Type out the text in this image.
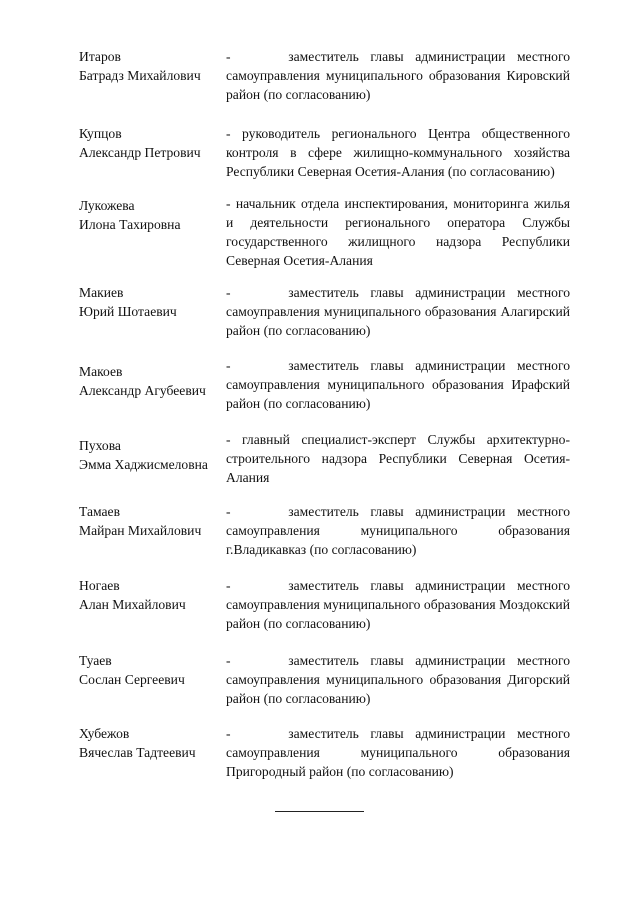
Итаров
Батрадз Михайлович
-     заместитель главы администрации местного самоуправления муниципального образования Кировский район (по согласованию)
Купцов
Александр Петрович
- руководитель регионального Центра общественного контроля в сфере жилищно-коммунального хозяйства Республики Северная Осетия-Алания (по согласованию)
Лукожева
Илона Тахировна
- начальник отдела инспектирования, мониторинга жилья и деятельности регионального оператора Службы государственного жилищного надзора Республики Северная Осетия-Алания
Макиев
Юрий Шотаевич
-     заместитель главы администрации местного самоуправления муниципального образования Алагирский район (по согласованию)
Макоев
Александр Агубеевич
-     заместитель главы администрации местного самоуправления муниципального образования Ирафский район (по согласованию)
Пухова
Эмма Хаджисмеловна
- главный специалист-эксперт Службы архитектурно-строительного надзора Республики Северная Осетия-Алания
Тамаев
Майран Михайлович
-     заместитель главы администрации местного самоуправления муниципального образования г.Владикавказ (по согласованию)
Ногаев
Алан Михайлович
-     заместитель главы администрации местного самоуправления муниципального образования Моздокский район (по согласованию)
Туаев
Сослан Сергеевич
-     заместитель главы администрации местного самоуправления муниципального образования Дигорский район (по согласованию)
Хубежов
Вячеслав Тадтеевич
-     заместитель главы администрации местного самоуправления муниципального образования Пригородный район (по согласованию)
